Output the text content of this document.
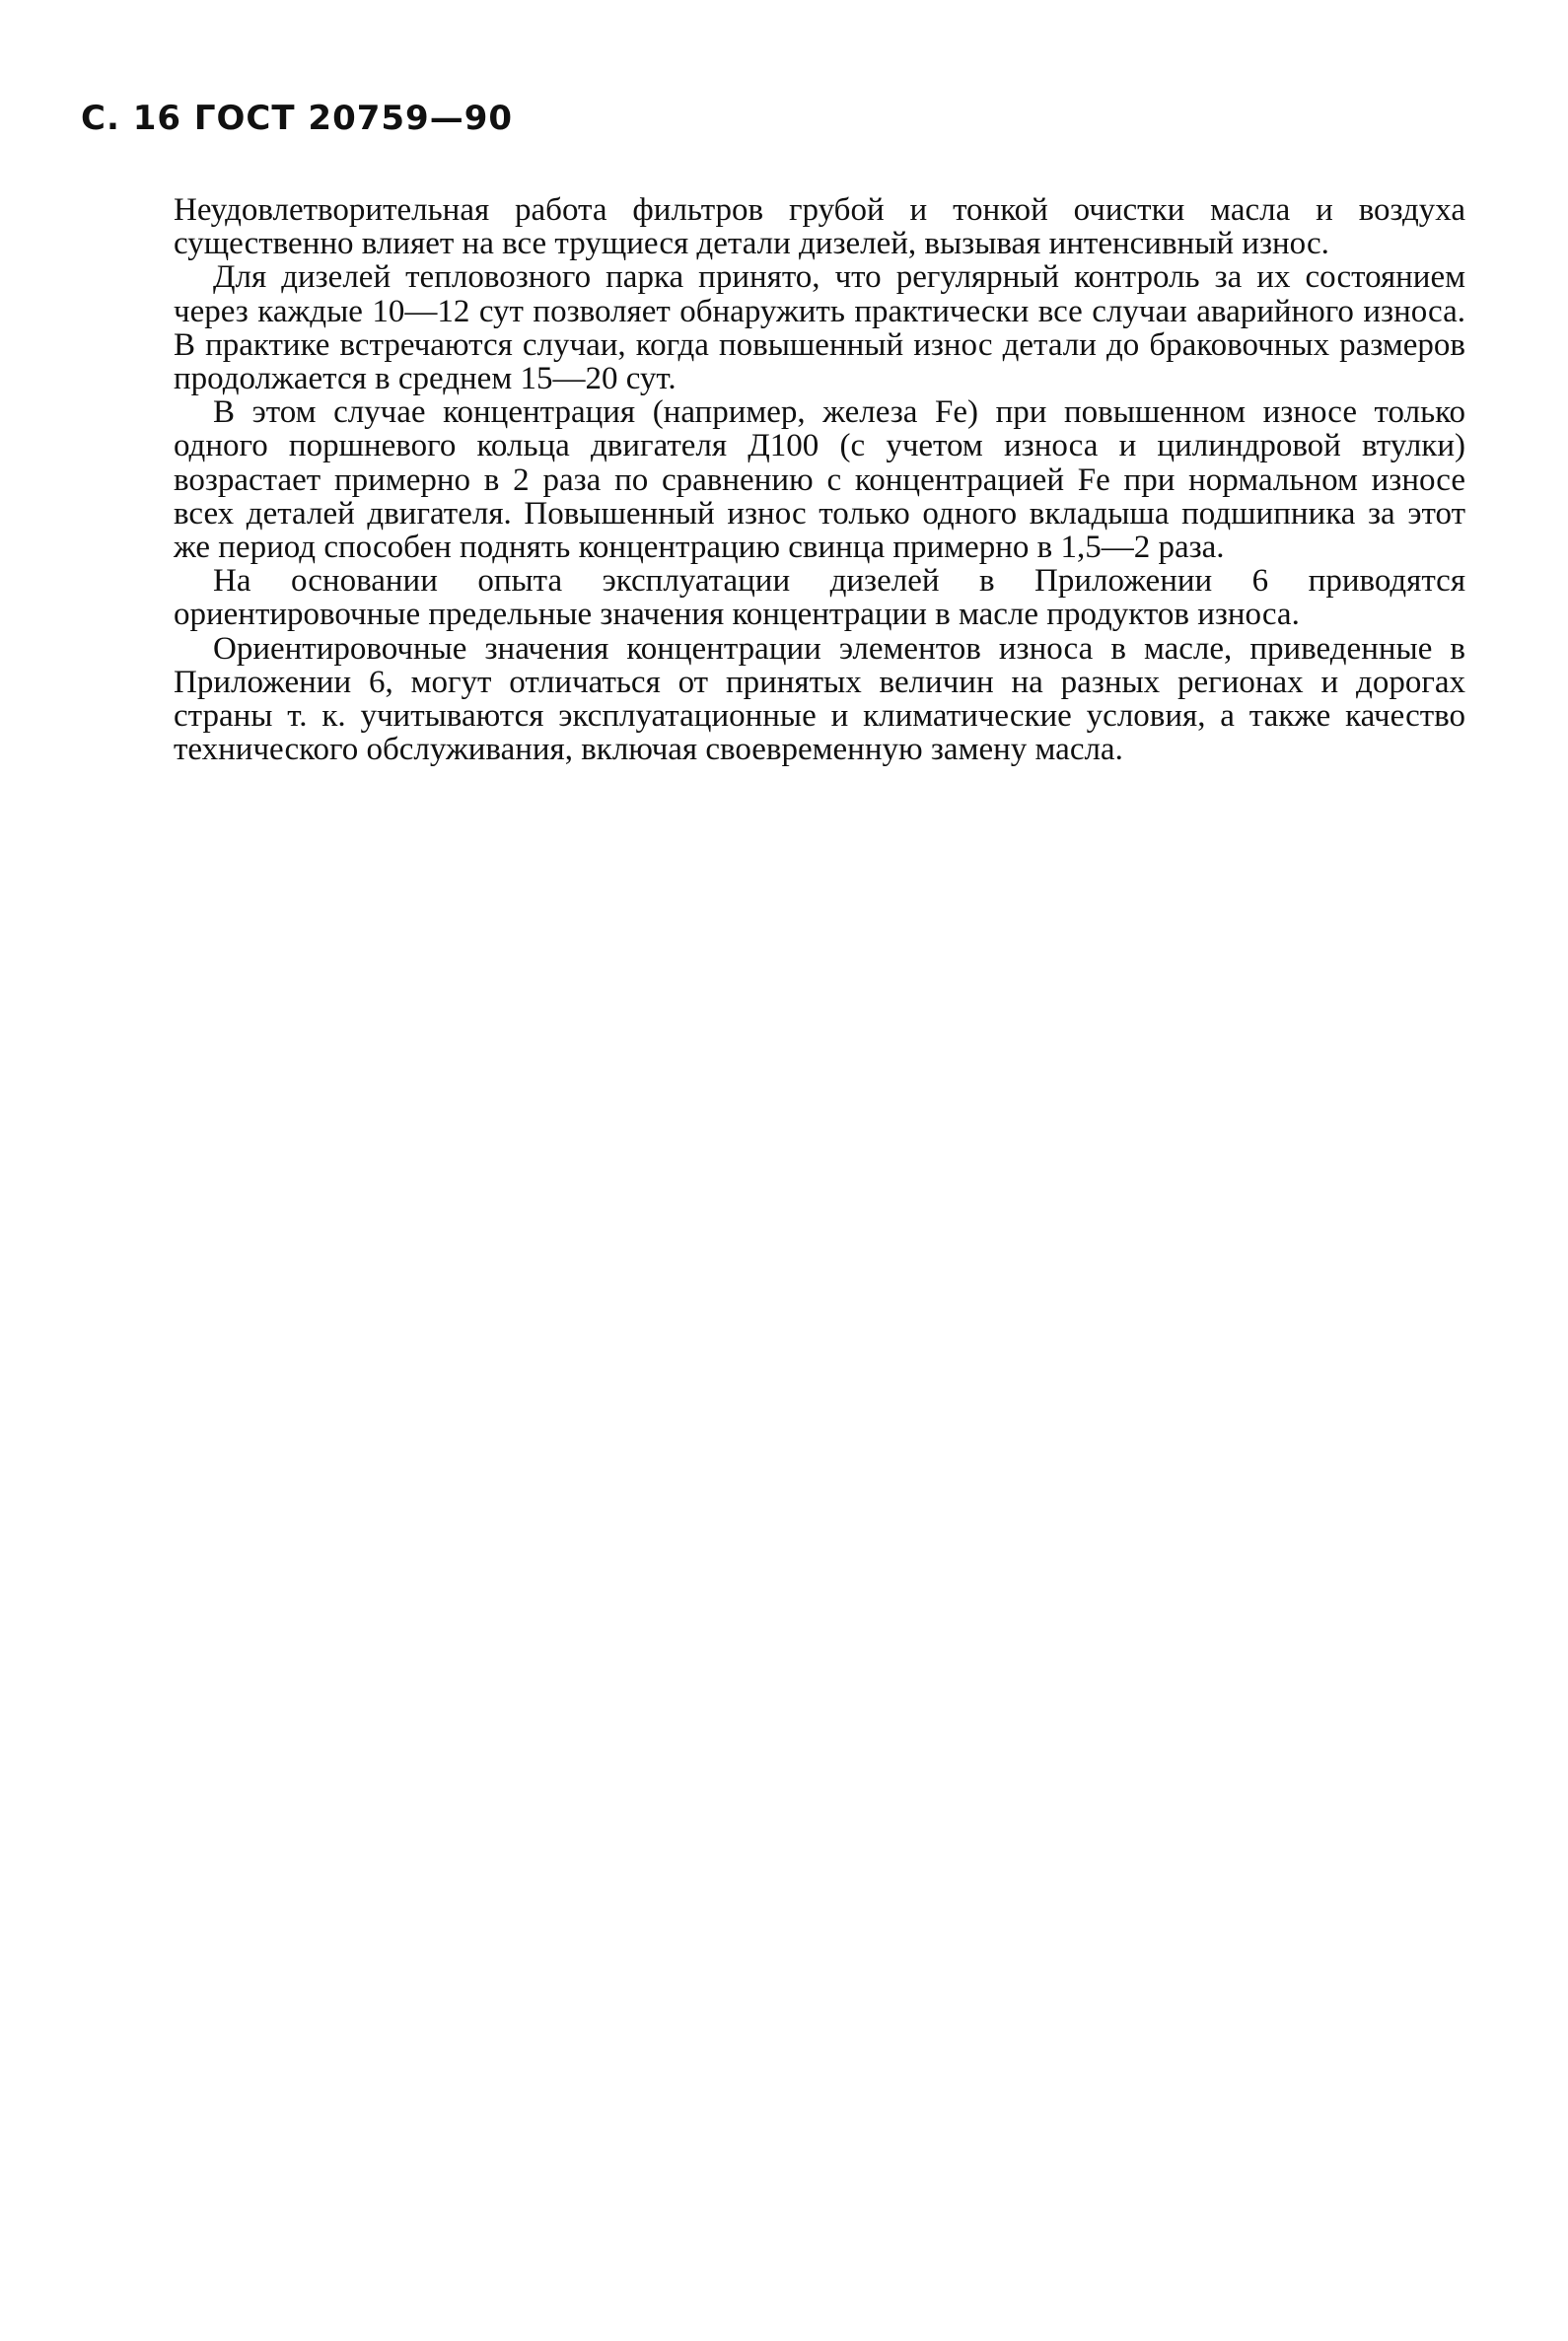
С. 16 ГОСТ 20759—90

Неудовлетворительная работа фильтров грубой и тонкой очистки масла и воздуха существенно влияет на все трущиеся детали дизелей, вызывая интенсивный износ.

Для дизелей тепловозного парка принято, что регулярный контроль за их состоянием через каждые 10—12 сут позволяет обнаружить практически все случаи аварийного износа. В практике встречаются случаи, когда повышенный износ детали до браковочных размеров продолжается в среднем 15—20 сут.

В этом случае концентрация (например, железа Fe) при повышенном износе только одного поршневого кольца двигателя Д100 (с учетом износа и цилиндровой втулки) возрастает примерно в 2 раза по сравнению с концентрацией Fe при нормальном износе всех деталей двигателя. Повышенный износ только одного вкладыша подшипника за этот же период способен поднять концентрацию свинца примерно в 1,5—2 раза.

На основании опыта эксплуатации дизелей в Приложении 6 приводятся ориентировочные предельные значения концентрации в масле продуктов износа.

Ориентировочные значения концентрации элементов износа в масле, приведенные в Приложении 6, могут отличаться от принятых величин на разных регионах и дорогах страны т. к. учитываются эксплуатационные и климатические условия, а также качество технического обслуживания, включая своевременную замену масла.
